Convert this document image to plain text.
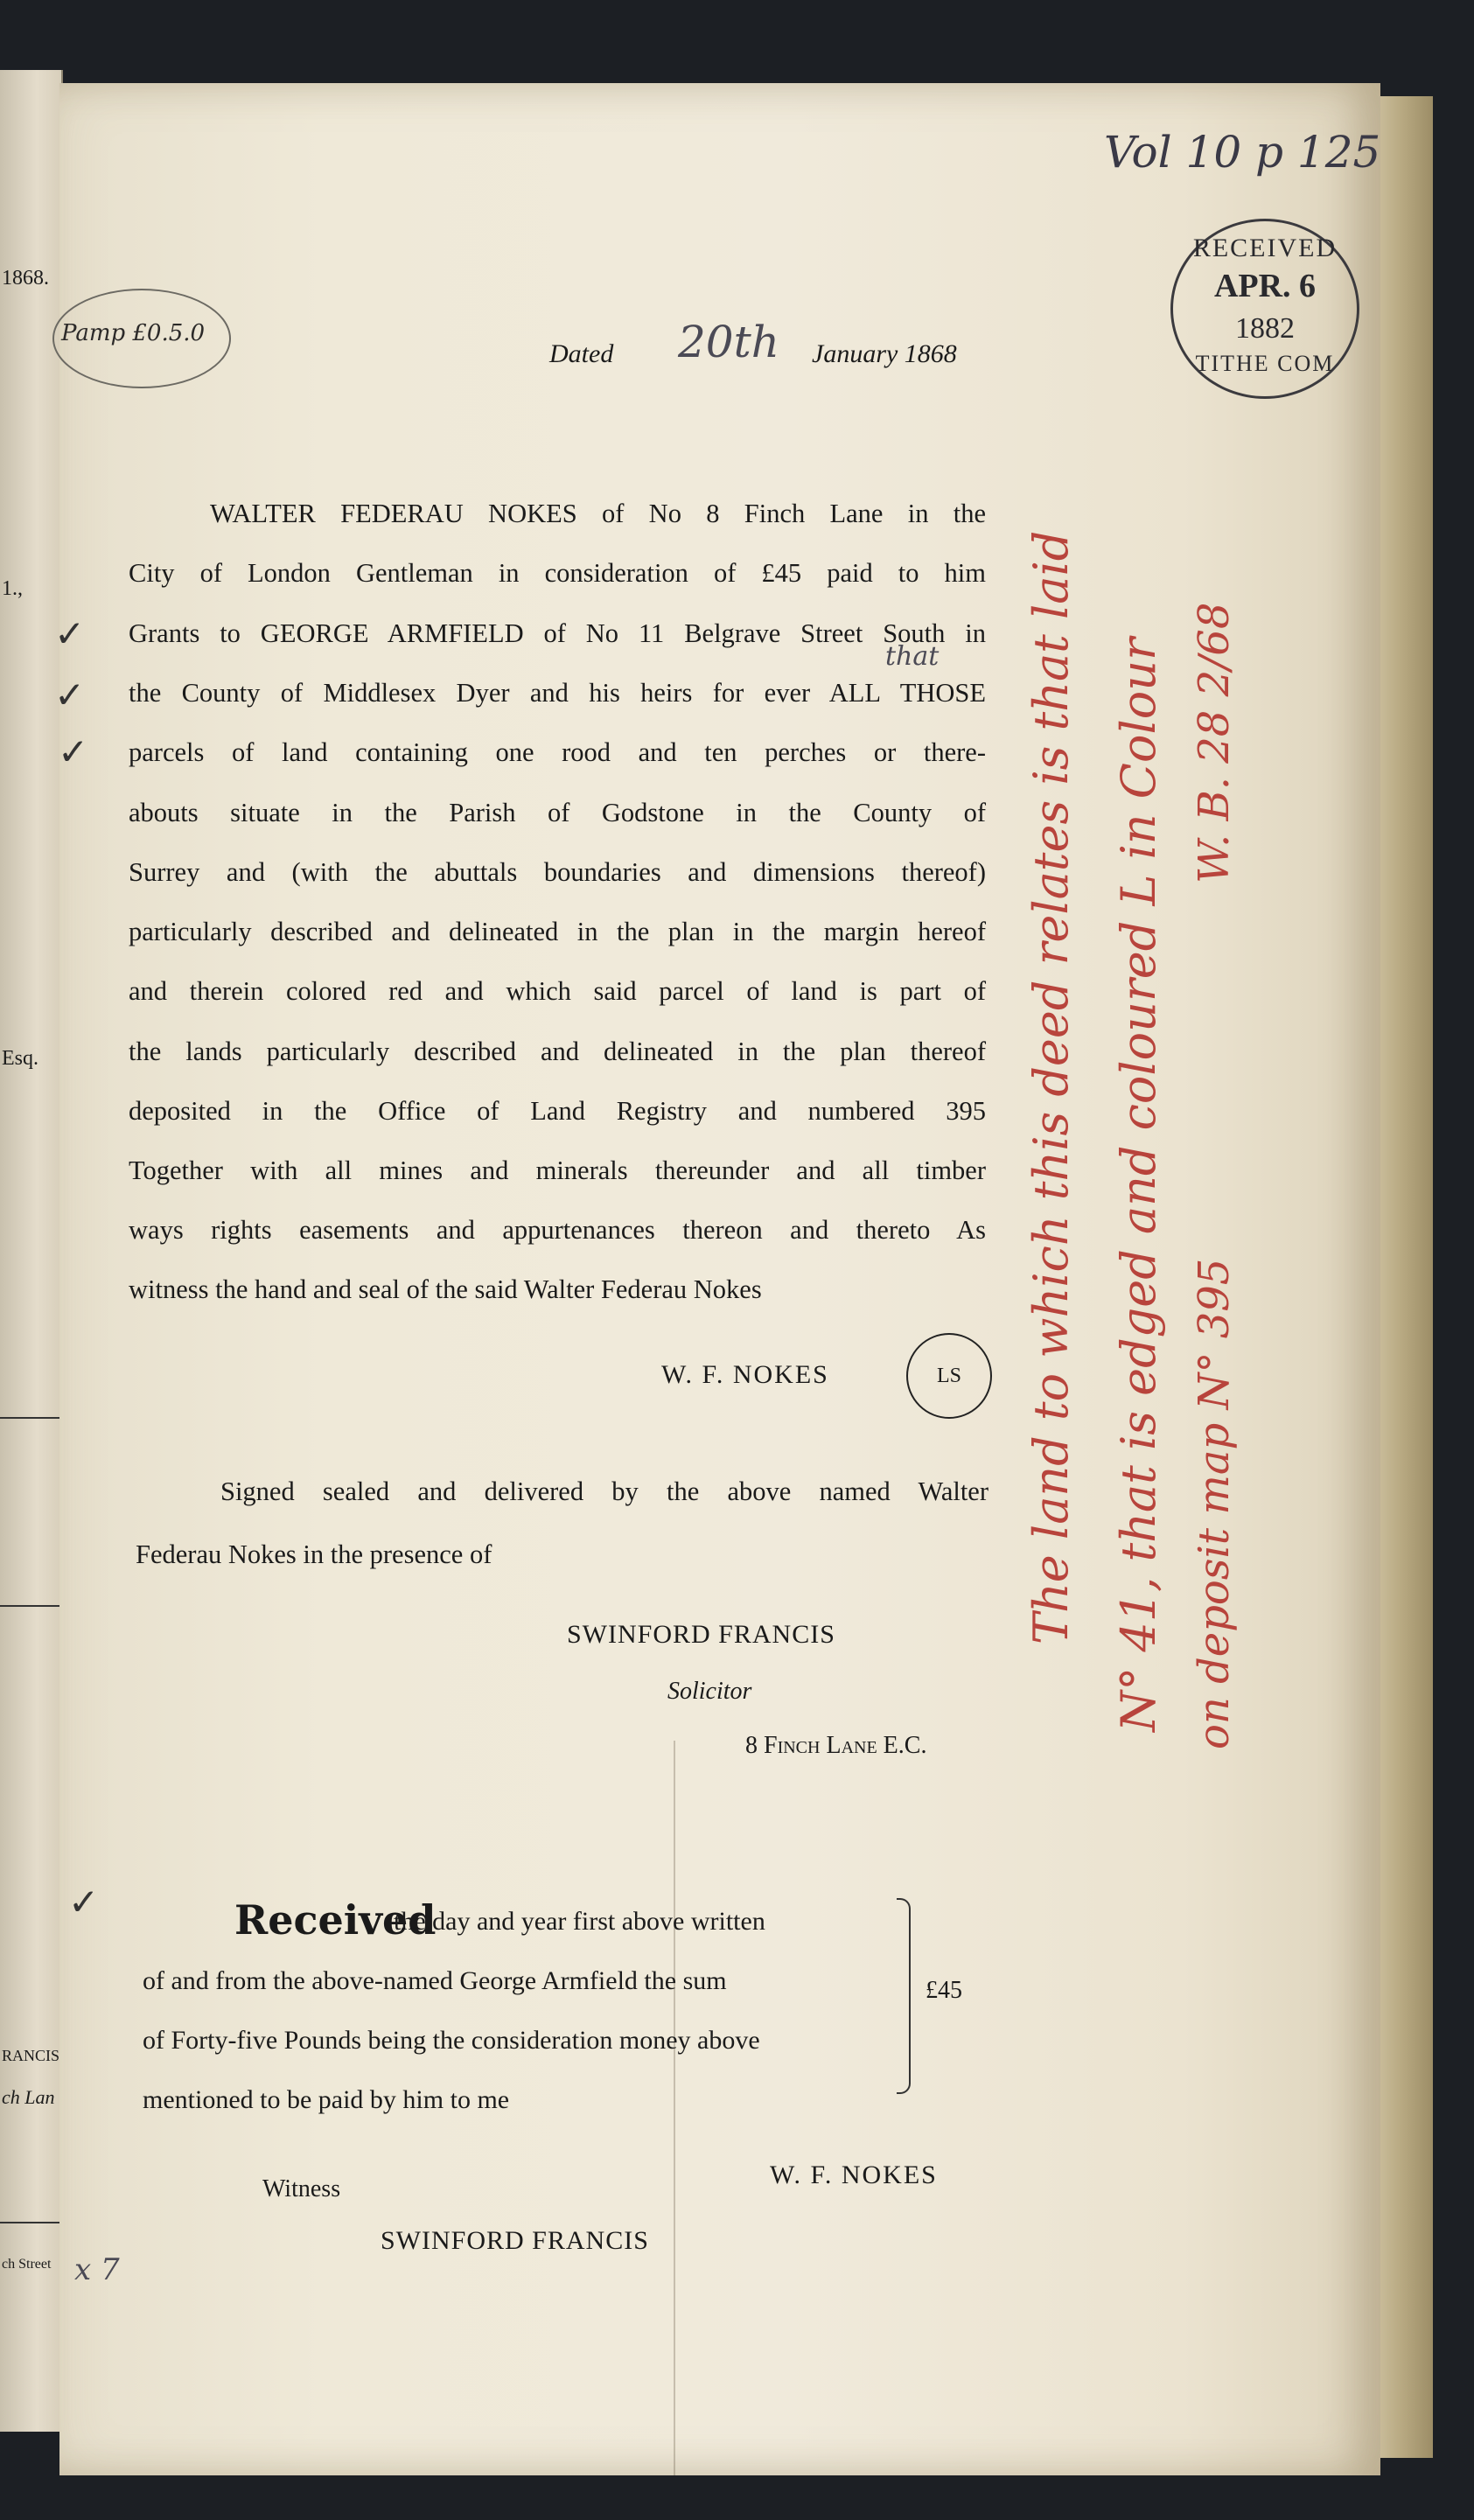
1868.
1.,
Esq.
RANCIS
ch Lan
ch Street
Pamp £0.5.0
Dated 20th January 1868
Vol 10 p 125
RECEIVED
APR. 6
1882
TITHE COM
✓
✓
✓
✓
WALTER FEDERAU NOKES of No 8 Finch Lane in the
City of London Gentleman in consideration of £45 paid to him
Grants to GEORGE ARMFIELD of No 11 Belgrave Street South in
that
the County of Middlesex Dyer and his heirs for ever ALL THOSE
parcels of land containing one rood and ten perches or there-
abouts situate in the Parish of Godstone in the County of
Surrey and (with the abuttals boundaries and dimensions thereof)
particularly described and delineated in the plan in the margin hereof
and therein colored red and which said parcel of land is part of
the lands particularly described and delineated in the plan thereof
deposited in the Office of Land Registry and numbered 395
Together with all mines and minerals thereunder and all timber
ways rights easements and appurtenances thereon and thereto As
witness the hand and seal of the said Walter Federau Nokes
W. F. NOKES	LS
Signed sealed and delivered by the above named Walter
Federau Nokes in the presence of
SWINFORD FRANCIS
Solicitor
8 Finch Lane E.C.
Received
the day and year first above written
of and from the above-named George Armfield the sum
of Forty-five Pounds being the consideration money above
mentioned to be paid by him to me
£45
Witness	W. F. NOKES
SWINFORD FRANCIS
x 7
The land to which this deed relates is that laid N° 41, that is edged and coloured L in Colour on deposit map N° 395
W. B. 28 2/68
